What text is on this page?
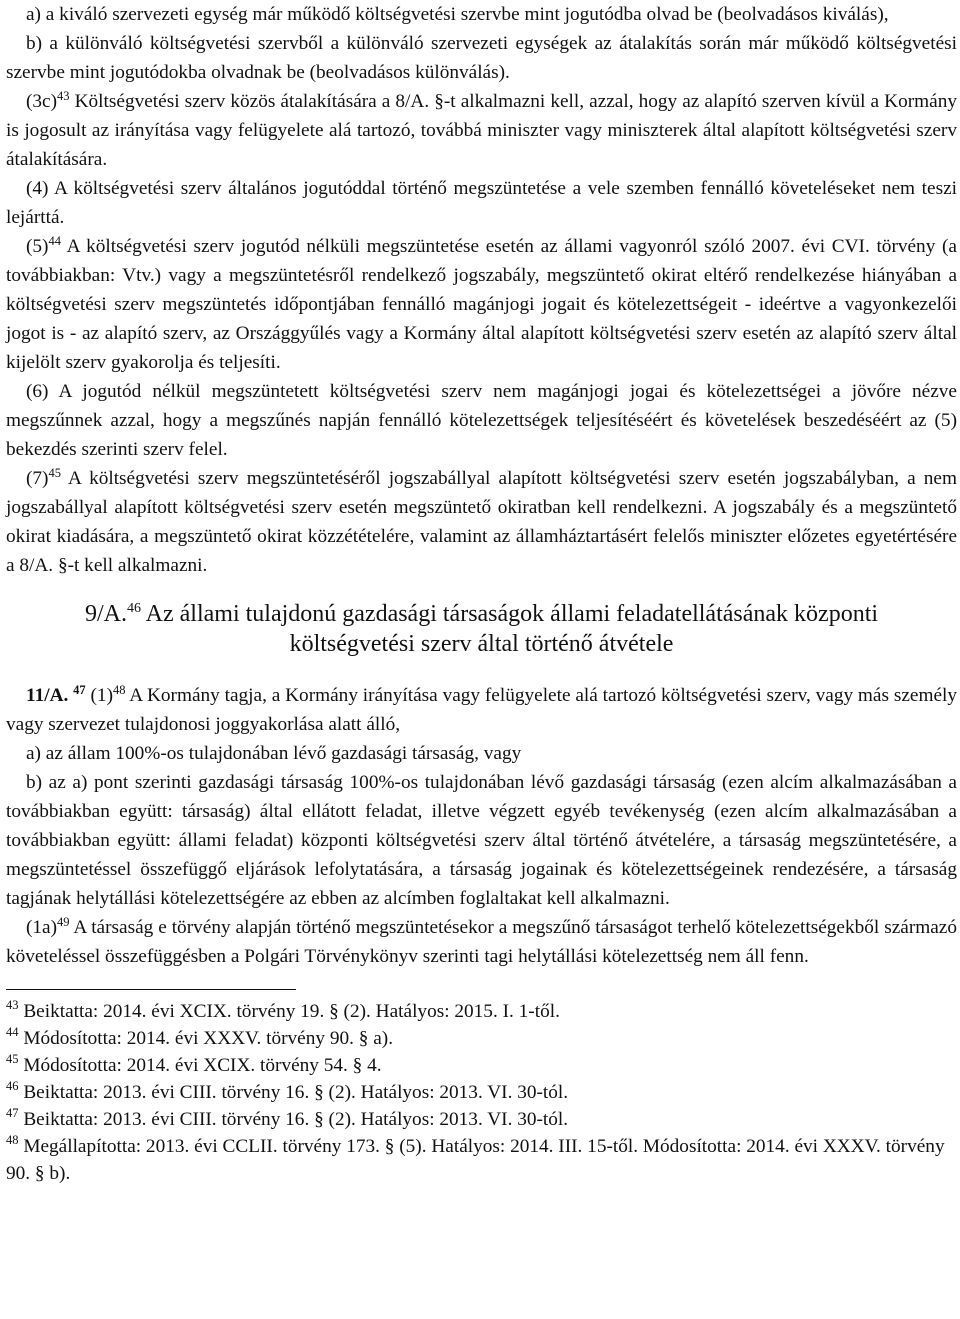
a) a kiváló szervezeti egység már működő költségvetési szervbe mint jogutódba olvad be (beolvadásos kiválás),

b) a különváló költségvetési szervből a különváló szervezeti egységek az átalakítás során már működő költségvetési szervbe mint jogutódokba olvadnak be (beolvadásos különválás).

$(3c)^{43}$ Költségvetési szerv közös átalakítására a 8/A. §-t alkalmazni kell, azzal, hogy az alapító szerven kívül a Kormány is jogosult az irányítása vagy felügyelete alá tartozó, továbbá miniszter vagy miniszterek által alapított költségvetési szerv átalakítására.

(4) A költségvetési szerv általános jogutóddal történő megszüntetése a vele szemben fennálló követeléseket nem teszi lejárttá.

$(5)^{44}$ A költségvetési szerv jogutód nélküli megszüntetése esetén az állami vagyonról szóló 2007. évi CVI. törvény (a továbbiakban: Vtv.) vagy a megszüntetésről rendelkező jogszabály, megszüntető okirat eltérő rendelkezése hiányában a költségvetési szerv megszüntetés időpontjában fennálló magánjogi jogait és kötelezettségeit - ideértve a vagyonkezelői jogot is - az alapító szerv, az Országgyűlés vagy a Kormány által alapított költségvetési szerv esetén az alapító szerv által kijelölt szerv gyakorolja és teljesíti.

(6) A jogutód nélkül megszüntetett költségvetési szerv nem magánjogi jogai és kötelezettségei a jövőre nézve megszűnnek azzal, hogy a megszűnés napján fennálló kötelezettségek teljesítéséért és követelések beszedéséért az (5) bekezdés szerinti szerv felel.

$(7)^{45}$ A költségvetési szerv megszüntetéséről jogszabállyal alapított költségvetési szerv esetén jogszabályban, a nem jogszabállyal alapított költségvetési szerv esetén megszüntető okiratban kell rendelkezni. A jogszabály és a megszüntető okirat kiadására, a megszüntető okirat közzétételére, valamint az államháztartásért felelős miniszter előzetes egyetértésére a 8/A. §-t kell alkalmazni.

9/A.$^{46}$ Az állami tulajdonú gazdasági társaságok állami feladatellátásának központi
költségvetési szerv által történő átvétele

11/A. $^{47}$ $(1)^{48}$ A Kormány tagja, a Kormány irányítása vagy felügyelete alá tartozó költségvetési szerv, vagy más személy vagy szervezet tulajdonosi joggyakorlása alatt álló,

a) az állam 100%-os tulajdonában lévő gazdasági társaság, vagy

b) az a) pont szerinti gazdasági társaság 100%-os tulajdonában lévő gazdasági társaság (ezen alcím alkalmazásában a továbbiakban együtt: társaság) által ellátott feladat, illetve végzett egyéb tevékenység (ezen alcím alkalmazásában a továbbiakban együtt: állami feladat) központi költségvetési szerv által történő átvételére, a társaság megszüntetésére, a megszüntetéssel összefüggő eljárások lefolytatására, a társaság jogainak és kötelezettségeinek rendezésére, a társaság tagjának helytállási kötelezettségére az ebben az alcímben foglaltakat kell alkalmazni.

$(1a)^{49}$ A társaság e törvény alapján történő megszüntetésekor a megszűnő társaságot terhelő kötelezettségekből származó követeléssel összefüggésben a Polgári Törvénykönyv szerinti tagi helytállási kötelezettség nem áll fenn.

$^{43}$ Beiktatta: 2014. évi XCIX. törvény 19. § (2). Hatályos: 2015. I. 1-től.
$^{44}$ Módosította: 2014. évi XXXV. törvény 90. § a).
$^{45}$ Módosította: 2014. évi XCIX. törvény 54. § 4.
$^{46}$ Beiktatta: 2013. évi CIII. törvény 16. § (2). Hatályos: 2013. VI. 30-tól.
$^{47}$ Beiktatta: 2013. évi CIII. törvény 16. § (2). Hatályos: 2013. VI. 30-tól.
$^{48}$ Megállapította: 2013. évi CCLII. törvény 173. § (5). Hatályos: 2014. III. 15-től. Módosította: 2014. évi XXXV. törvény 90. § b).
